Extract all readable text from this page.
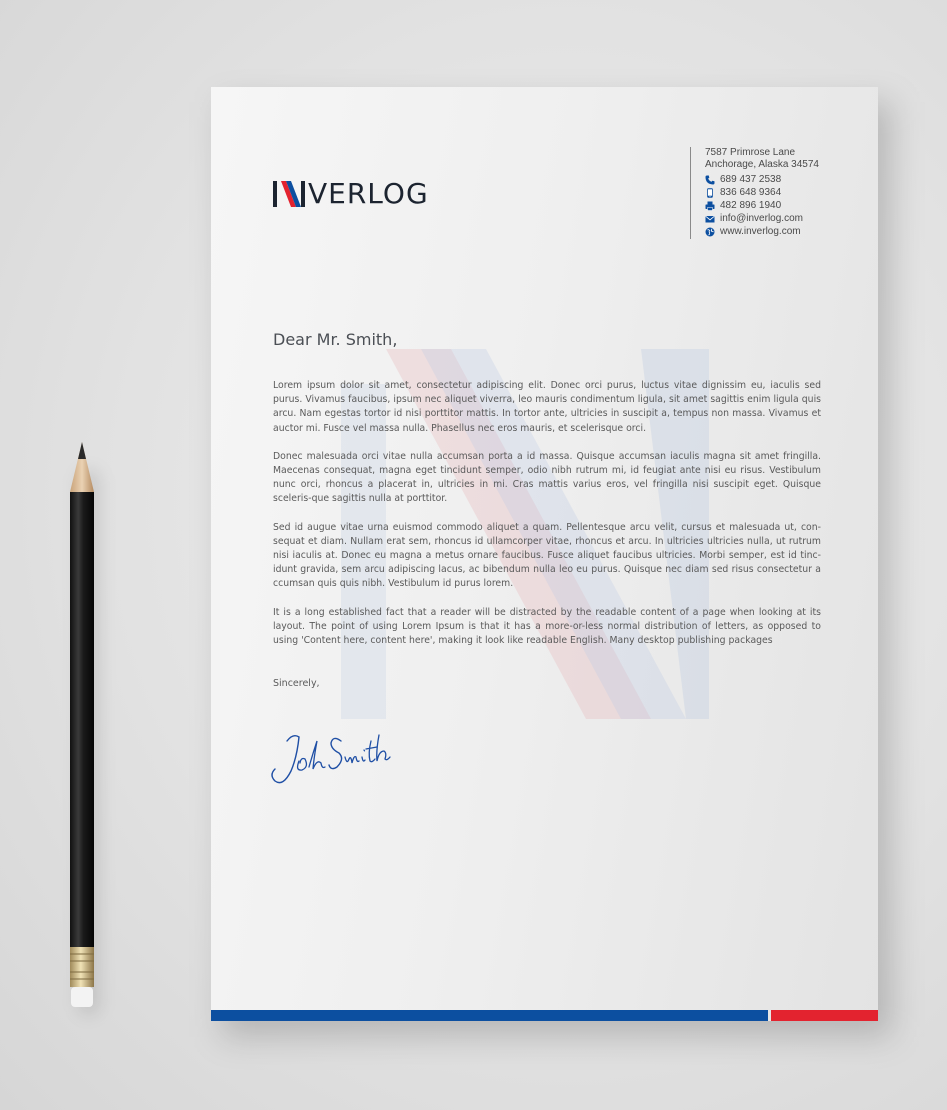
VERLOG
7587 Primrose Lane
Anchorage, Alaska 34574
689 437 2538
836 648 9364
482 896 1940
info@inverlog.com
www.inverlog.com
Dear Mr. Smith,

Lorem ipsum dolor sit amet, consectetur adipiscing elit. Donec orci purus, luctus vitae dignissim eu, iaculis sed purus. Vivamus faucibus, ipsum nec aliquet viverra, leo mauris condimentum ligula, sit amet sagittis enim ligula quis arcu. Nam egestas tortor id nisi porttitor mattis. In tortor ante, ultricies in suscipit a, tempus non massa. Vivamus et auctor mi. Fusce vel massa nulla. Phasellus nec eros mauris, et scelerisque orci.

Donec malesuada orci vitae nulla accumsan porta a id massa. Quisque accumsan iaculis magna sit amet fringilla. Maecenas consequat, magna eget tincidunt semper, odio nibh rutrum mi, id feugiat ante nisi eu risus. Vestibulum nunc orci, rhoncus a placerat in, ultricies in mi. Cras mattis varius eros, vel fringilla nisi suscipit eget. Quisque sceleris-que sagittis nulla at porttitor.

Sed id augue vitae urna euismod commodo aliquet a quam. Pellentesque arcu velit, cursus et malesuada ut, con-sequat et diam. Nullam erat sem, rhoncus id ullamcorper vitae, rhoncus et arcu. In ultricies ultricies nulla, ut rutrum nisi iaculis at. Donec eu magna a metus ornare faucibus. Fusce aliquet faucibus ultricies. Morbi semper, est id tinc-idunt gravida, sem arcu adipiscing lacus, ac bibendum nulla leo eu purus. Quisque nec diam sed risus consectetur a ccumsan quis quis nibh. Vestibulum id purus lorem.

It is a long established fact that a reader will be distracted by the readable content of a page when looking at its layout. The point of using Lorem Ipsum is that it has a more-or-less normal distribution of letters, as opposed to using 'Content here, content here', making it look like readable English. Many desktop publishing packages

Sincerely,
